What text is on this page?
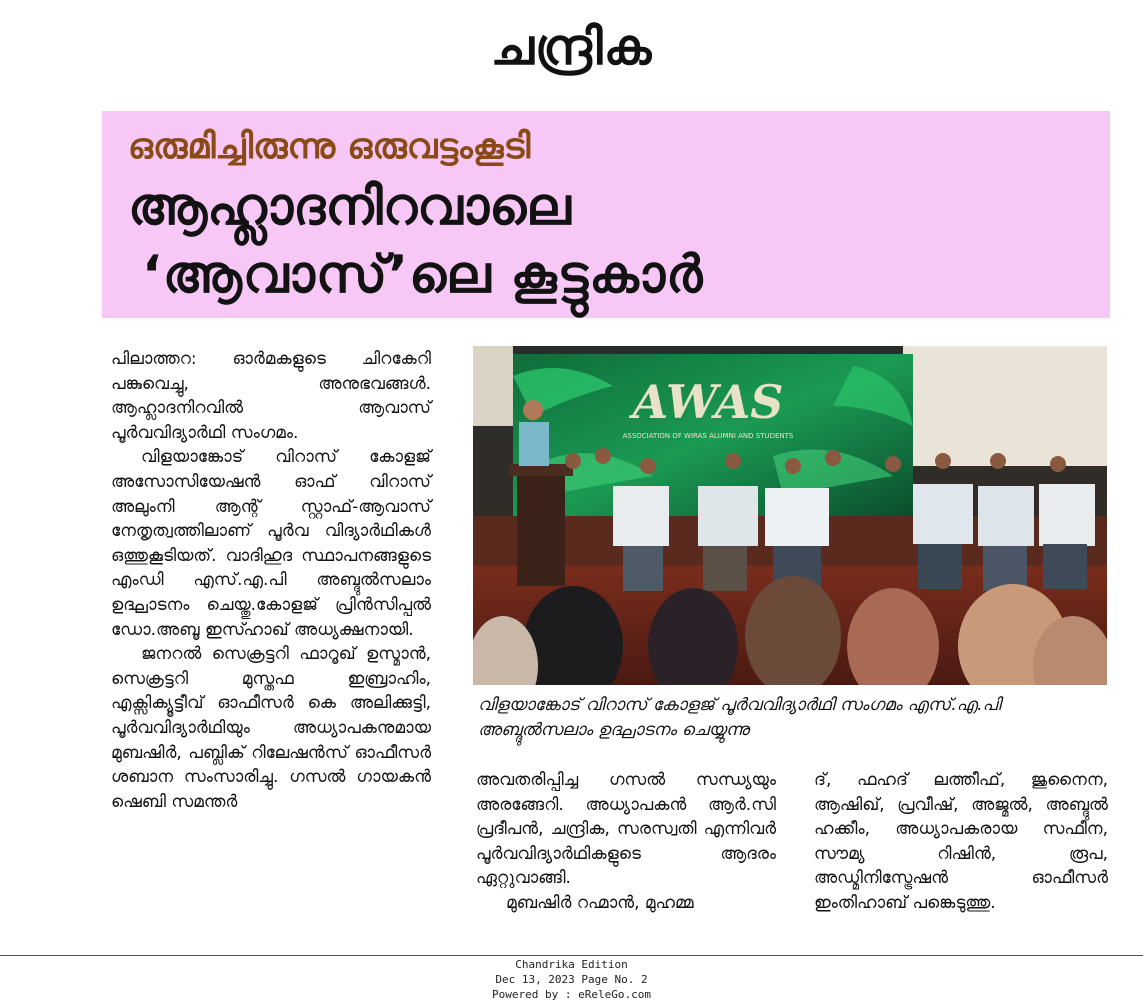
ചന്ദ്രിക
ഒരുമിച്ചിരുന്നു ഒരുവട്ടംകൂടി
ആഹ്ലാദനിറവാലെ
‘ആവാസ്’ലെ കൂട്ടുകാർ

പിലാത്തറ: ഓർമകളുടെ ചിറകേറി പങ്കുവെച്ചു, അനുഭവങ്ങൾ. ആഹ്ലാദനിറവിൽ ആവാസ് പൂർവവിദ്യാർഥി സംഗമം.

വിളയാങ്കോട് വിറാസ് കോളജ് അസോസിയേഷൻ ഓഫ് വിറാസ് അലുംനി ആന്റ് സ്റ്റാഫ്-ആവാസ് നേതൃത്വത്തിലാണ് പൂർവ വിദ്യാർഥികൾ ഒത്തുകൂടിയത്. വാദിഹുദ സ്ഥാപനങ്ങളുടെ എംഡി എസ്.എ.പി അബ്ദുൽസലാം ഉദ്ഘാടനം ചെയ്തു.കോളജ് പ്രിൻസിപ്പൽ ഡോ.അബൂ ഇസ്ഹാഖ് അധ്യക്ഷനായി.

ജനറൽ സെക്രട്ടറി ഫാറൂഖ് ഉസ്മാൻ, സെക്രട്ടറി മുസ്തഫ ഇബ്രാഹിം, എക്സിക്യൂട്ടീവ് ഓഫീസർ കെ അലിക്കുട്ടി, പൂർവവിദ്യാർഥിയും അധ്യാപകനുമായ മുബഷിർ, പബ്ലിക് റിലേഷൻസ് ഓഫീസർ ശബാന സംസാരിച്ചു. ഗസൽ ഗായകൻ ഷെബി സമന്തർ

AWAS
ASSOCIATION OF WIRAS ALUMNI AND STUDENTS
വിളയാങ്കോട് വിറാസ് കോളജ് പൂർവവിദ്യാർഥി സംഗമം എസ്.എ.പി
അബ്ദുൽസലാം ഉദ്ഘാടനം ചെയ്യുന്നു

അവതരിപ്പിച്ച ഗസൽ സന്ധ്യയും അരങ്ങേറി. അധ്യാപകൻ ആർ.സി പ്രദീപൻ, ചന്ദ്രിക, സരസ്വതി എന്നിവർ പൂർവവിദ്യാർഥികളുടെ ആദരം ഏറ്റുവാങ്ങി.

മുബഷിർ റഹ്മാൻ, മുഹമ്മ

ദ്, ഫഹദ് ലത്തീഫ്, ജുനൈന, ആഷിഖ്, പ്രവീഷ്, അജ്മൽ, അബ്ദുൽ ഹക്കീം, അധ്യാപകരായ സഫീന, സൗമ്യ റിഷിൻ, രൂപ, അഡ്മിനിസ്ട്രേഷൻ ഓഫീസർ ഇംതിഹാബ് പങ്കെടുത്തു.

Chandrika Edition
Dec 13, 2023 Page No. 2
Powered by : eReleGo.com
